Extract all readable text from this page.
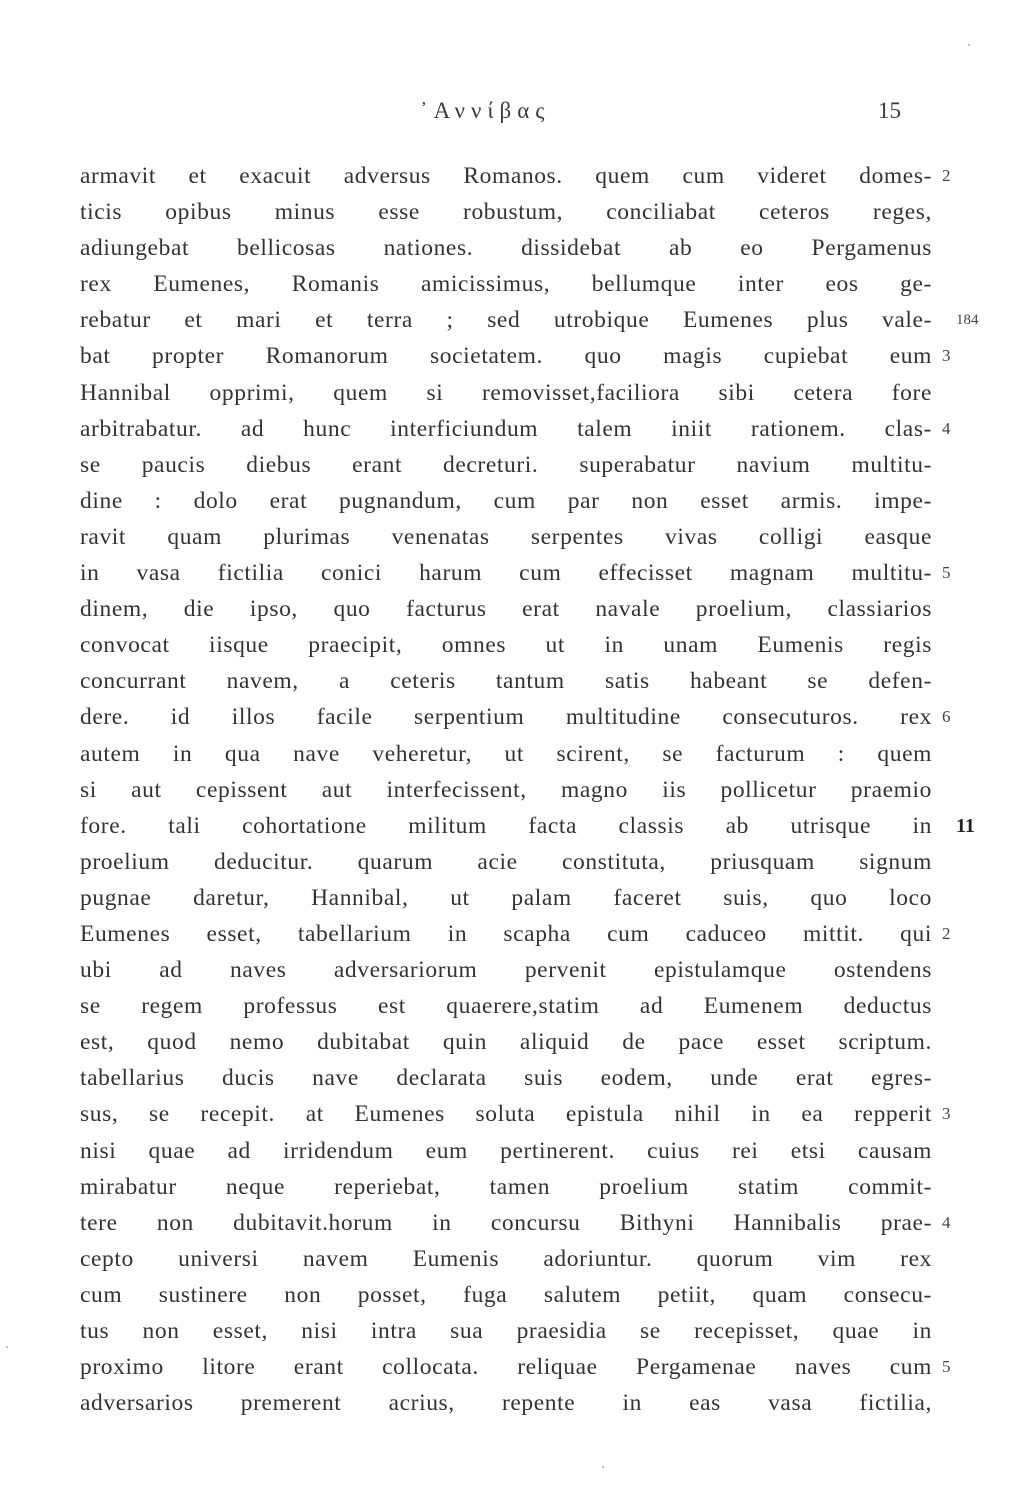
᾿Αννίβας	15
armavit et exacuit adversus Romanos. quem cum videret domes- 2
ticis opibus minus esse robustum, conciliabat ceteros reges,
adiungebat bellicosas nationes. dissidebat ab eo Pergamenus
rex Eumenes, Romanis amicissimus, bellumque inter eos ge-
rebatur et mari et terra ; sed utrobique Eumenes plus vale- 184
bat propter Romanorum societatem. quo magis cupiebat eum 3
Hannibal opprimi, quem si removisset,faciliora sibi cetera fore
arbitrabatur. ad hunc interficiundum talem iniit rationem. clas- 4
se paucis diebus erant decreturi. superabatur navium multitu-
dine : dolo erat pugnandum, cum par non esset armis. impe-
ravit quam plurimas venenatas serpentes vivas colligi easque
in vasa fictilia conici harum cum effecisset magnam multitu- 5
dinem, die ipso, quo facturus erat navale proelium, classiarios
convocat iisque praecipit, omnes ut in unam Eumenis regis
concurrant navem, a ceteris tantum satis habeant se defen-
dere. id illos facile serpentium multitudine consecuturos. rex 6
autem in qua nave veheretur, ut scirent, se facturum : quem
si aut cepissent aut interfecissent, magno iis pollicetur praemio
fore. tali cohortatione militum facta classis ab utrisque in 11
proelium deducitur. quarum acie constituta, priusquam signum
pugnae daretur, Hannibal, ut palam faceret suis, quo loco
Eumenes esset, tabellarium in scapha cum caduceo mittit. qui 2
ubi ad naves adversariorum pervenit epistulamque ostendens
se regem professus est quaerere,statim ad Eumenem deductus
est, quod nemo dubitabat quin aliquid de pace esset scriptum.
tabellarius ducis nave declarata suis eodem, unde erat egres-
sus, se recepit. at Eumenes soluta epistula nihil in ea repperit 3
nisi quae ad irridendum eum pertinerent. cuius rei etsi causam
mirabatur neque reperiebat, tamen proelium statim commit-
tere non dubitavit.horum in concursu Bithyni Hannibalis prae- 4
cepto universi navem Eumenis adoriuntur. quorum vim rex
cum sustinere non posset, fuga salutem petiit, quam consecu-
tus non esset, nisi intra sua praesidia se recepisset, quae in
proximo litore erant collocata. reliquae Pergamenae naves cum 5
adversarios premerent acrius, repente in eas vasa fictilia,
